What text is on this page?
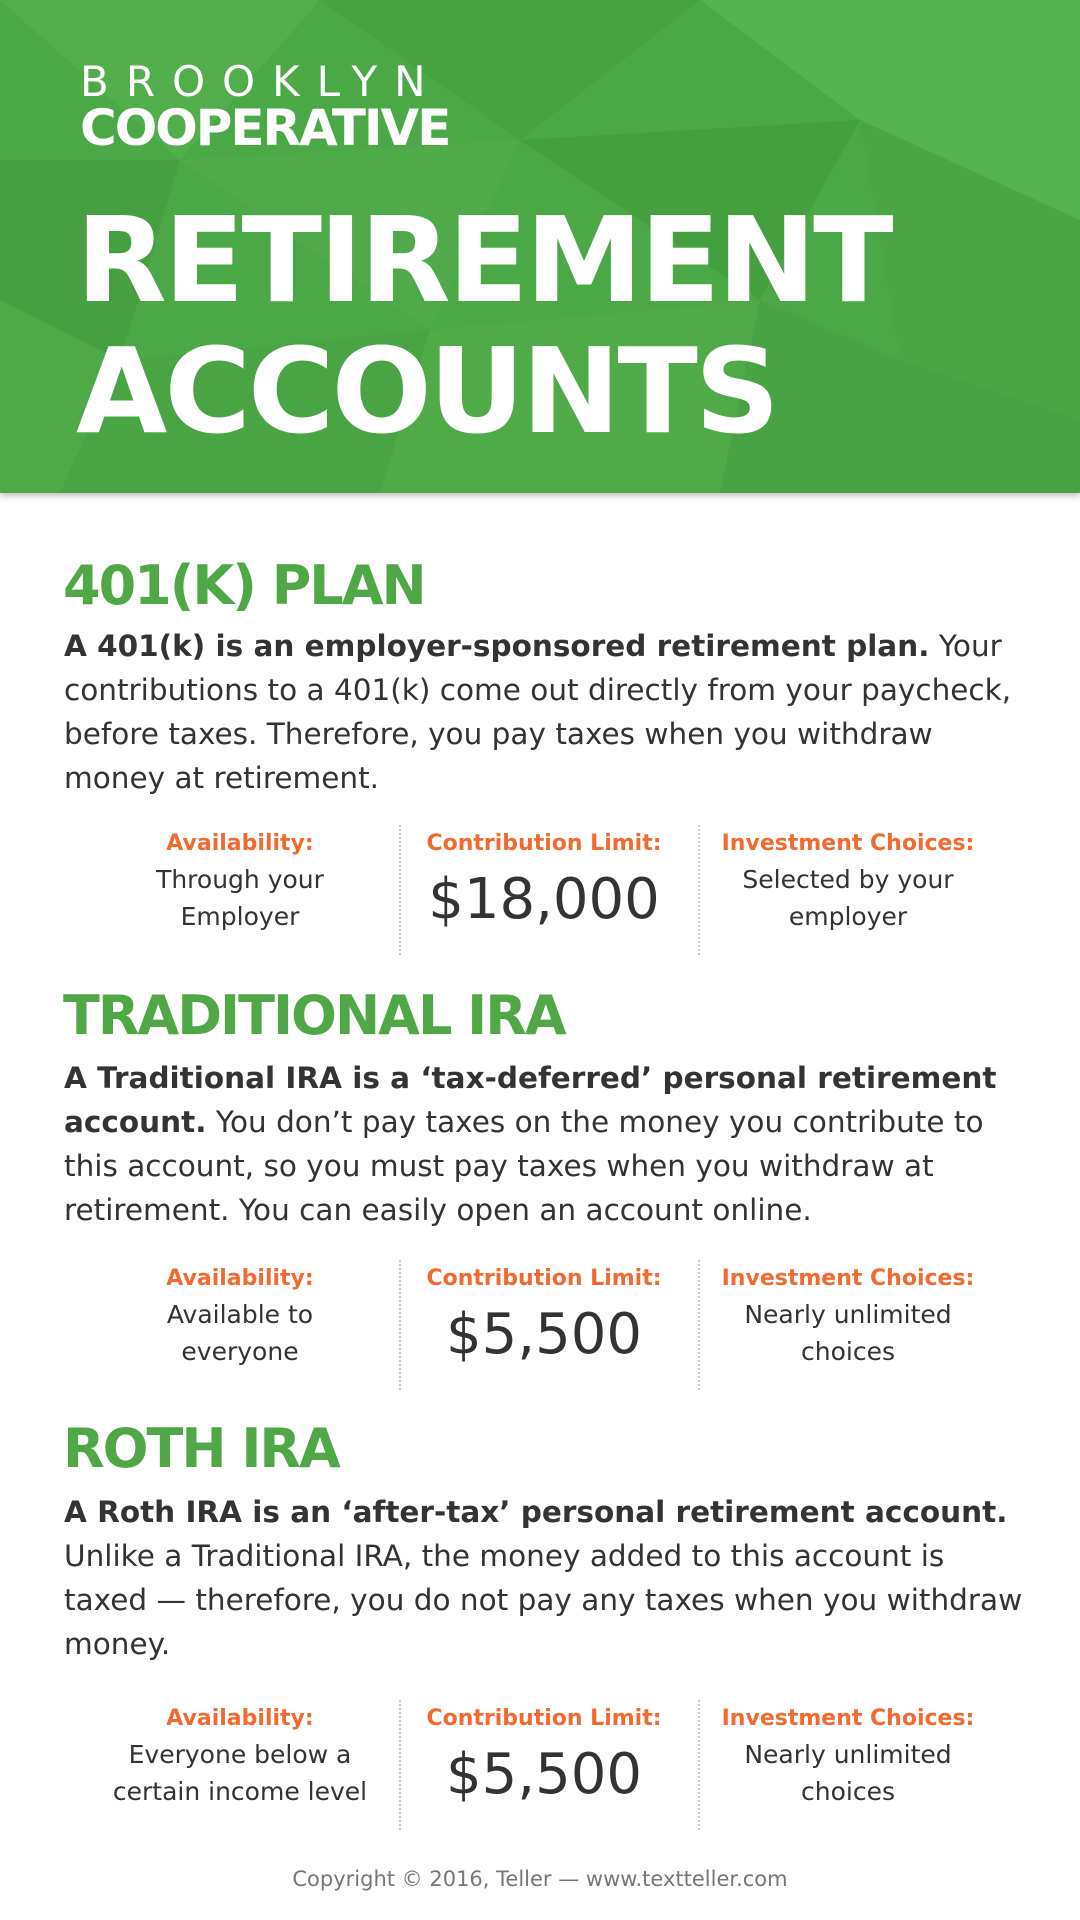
BROOKLYN
COOPERATIVE
RETIREMENT
ACCOUNTS
401(K) PLAN
A 401(k) is an employer-sponsored retirement plan. Your contributions to a 401(k) come out directly from your paycheck, before taxes. Therefore, you pay taxes when you withdraw money at retirement.
Availability:
Through your
Employer
Contribution Limit:
$18,000
Investment Choices:
Selected by your
employer
TRADITIONAL IRA
A Traditional IRA is a ‘tax-deferred’ personal retirement account. You don’t pay taxes on the money you contribute to this account, so you must pay taxes when you withdraw at retirement. You can easily open an account online.
Availability:
Available to
everyone
Contribution Limit:
$5,500
Investment Choices:
Nearly unlimited
choices
ROTH IRA
A Roth IRA is an ‘after-tax’ personal retirement account. Unlike a Traditional IRA, the money added to this account is taxed — therefore, you do not pay any taxes when you withdraw money.
Availability:
Everyone below a
certain income level
Contribution Limit:
$5,500
Investment Choices:
Nearly unlimited
choices
Copyright © 2016, Teller — www.textteller.com
